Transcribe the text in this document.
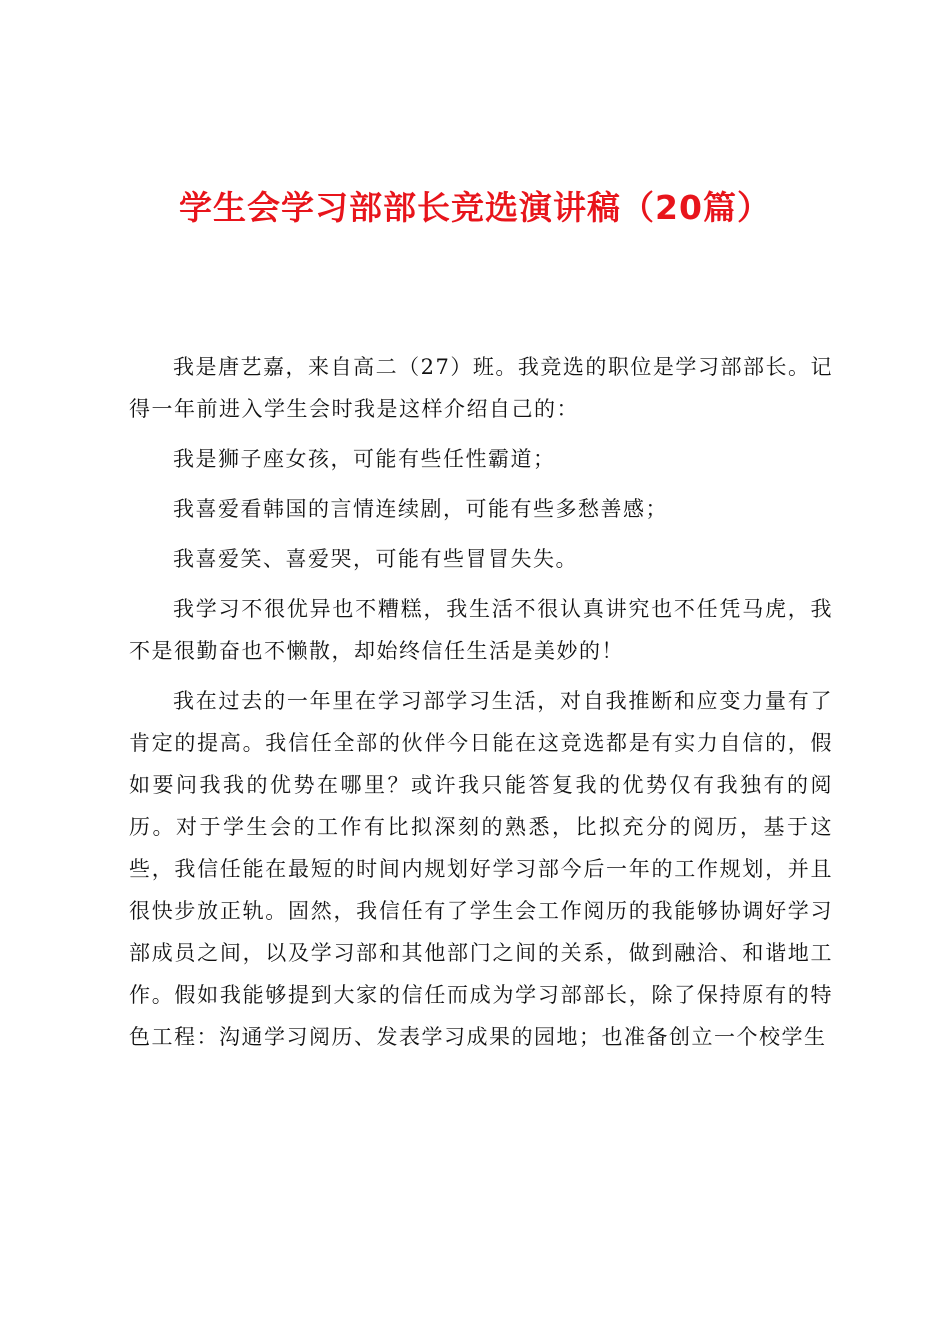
学生会学习部部长竞选演讲稿（20篇）

我是唐艺嘉，来自高二（27）班。我竞选的职位是学习部部长。记得一年前进入学生会时我是这样介绍自己的：

我是狮子座女孩，可能有些任性霸道；

我喜爱看韩国的言情连续剧，可能有些多愁善感；

我喜爱笑、喜爱哭，可能有些冒冒失失。

我学习不很优异也不糟糕，我生活不很认真讲究也不任凭马虎，我不是很勤奋也不懒散，却始终信任生活是美妙的！

我在过去的一年里在学习部学习生活，对自我推断和应变力量有了肯定的提高。我信任全部的伙伴今日能在这竞选都是有实力自信的，假如要问我我的优势在哪里？或许我只能答复我的优势仅有我独有的阅历。对于学生会的工作有比拟深刻的熟悉，比拟充分的阅历，基于这些，我信任能在最短的时间内规划好学习部今后一年的工作规划，并且很快步放正轨。固然，我信任有了学生会工作阅历的我能够协调好学习部成员之间，以及学习部和其他部门之间的关系，做到融洽、和谐地工作。假如我能够提到大家的信任而成为学习部部长，除了保持原有的特色工程：沟通学习阅历、发表学习成果的园地；也准备创立一个校学生
